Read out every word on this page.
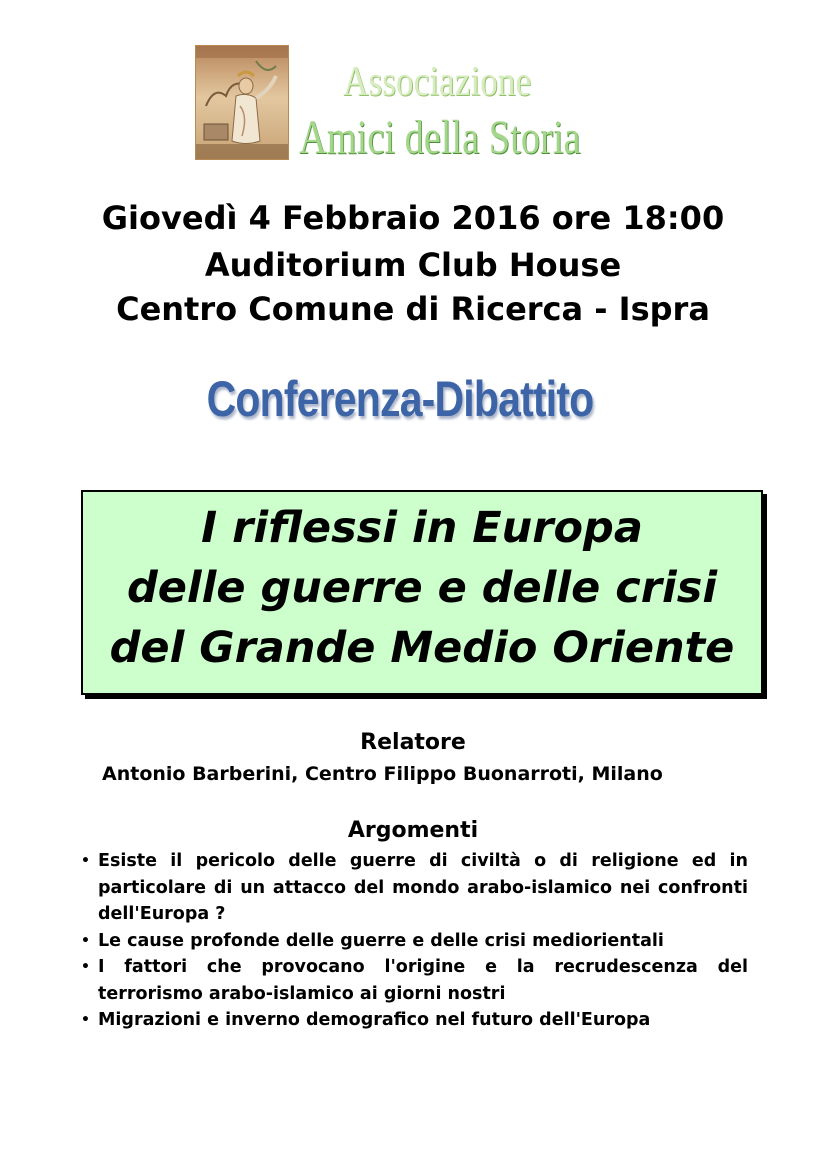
Associazione
Amici della Storia
Giovedì 4 Febbraio 2016 ore 18:00
Auditorium Club House
Centro Comune di Ricerca - Ispra
Conferenza-Dibattito
I riflessi in Europa
delle guerre e delle crisi
del Grande Medio Oriente
Relatore
Antonio Barberini, Centro Filippo Buonarroti, Milano
Argomenti
• Esiste il pericolo delle guerre di civiltà o di religione ed in particolare di un attacco del mondo arabo-islamico nei confronti dell'Europa ?
• Le cause profonde delle guerre e delle crisi mediorientali
• I fattori che provocano l'origine e la recrudescenza del terrorismo arabo-islamico ai giorni nostri
• Migrazioni e inverno demografico nel futuro dell'Europa
